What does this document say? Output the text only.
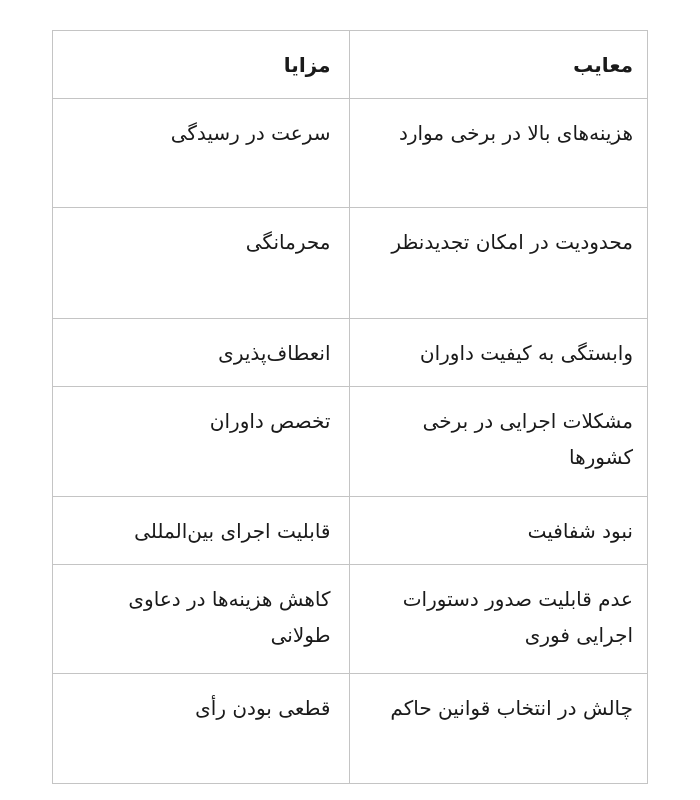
معایب	مزایا

هزینه‌های بالا در برخی موارد	سرعت در رسیدگی

محدودیت در امکان تجدیدنظر	محرمانگی

وابستگی به کیفیت داوران	انعطاف‌پذیری

مشکلات اجرایی در برخی کشورها	تخصص داوران

نبود شفافیت	قابلیت اجرای بین‌المللی

عدم قابلیت صدور دستورات اجرایی فوری	کاهش هزینه‌ها در دعاوی طولانی

چالش در انتخاب قوانین حاکم	قطعی بودن رأی
